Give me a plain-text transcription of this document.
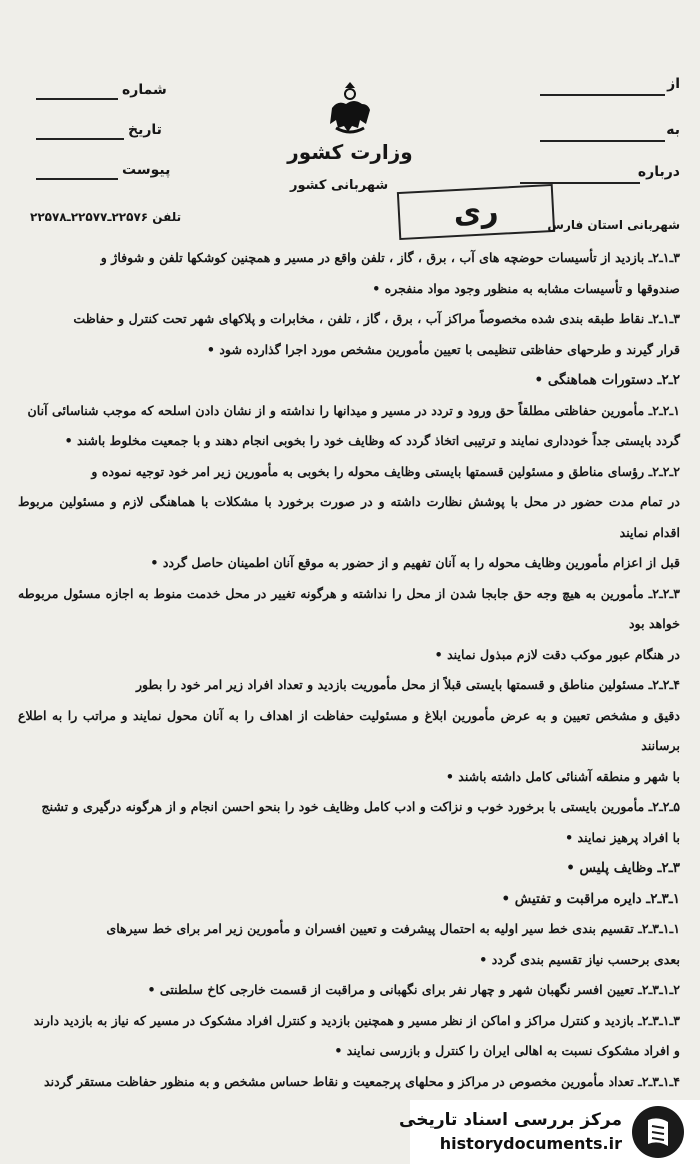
از
به
درباره
شماره
تاریخ
پیوست
وزارت کشور
شهربانی کشور
ری
تلفن ۲۲۵۷۶ـ۲۲۵۷۷ـ۲۲۵۷۸
شهربانی استان فارس

۳ـ۱ـ۲ـ بازدید از تأسیسات حوضچه های آب ، برق ، گاز ، تلفن واقع در مسیر و همچنین کوشکها تلفن و شوفاژ و

صندوقها و تأسیسات مشابه به منظور وجود مواد منفجره •

۳ـ۱ـ۲ـ نقاط طبقه بندی شده مخصوصاً مراکز آب ، برق ، گاز ، تلفن ، مخابرات و پلاکهای شهر تحت کنترل و حفاظت

قرار گیرند و طرحهای حفاظتی تنظیمی با تعیین مأمورین مشخص مورد اجرا گذارده شود •

۲ـ۲ـ دستورات هماهنگی •

۱ـ۲ـ۲ـ مأمورین حفاظتی مطلقاً حق ورود و تردد در مسیر و میدانها را نداشته و از نشان دادن اسلحه که موجب شناسائی آنان

گردد بایستی جداً خودداری نمایند و ترتیبی اتخاذ گردد که وظایف خود را بخوبی انجام دهند و با جمعیت مخلوط باشند •

۲ـ۲ـ۲ـ رؤسای مناطق و مسئولین قسمتها بایستی وظایف محوله را بخوبی به مأمورین زیر امر خود توجیه نموده و

در تمام مدت حضور در محل با پوشش نظارت داشته و در صورت برخورد با مشکلات با هماهنگی لازم و مسئولین مربوط اقدام نمایند

قبل از اعزام مأمورین وظایف محوله را به آنان تفهیم و از حضور به موقع آنان اطمینان حاصل گردد •

۳ـ۲ـ۲ـ مأمورین به هیچ وجه حق جابجا شدن از محل را نداشته و هرگونه تغییر در محل خدمت منوط به اجازه مسئول مربوطه خواهد بود

در هنگام عبور موکب دقت لازم مبذول نمایند •

۴ـ۲ـ۲ـ مسئولین مناطق و قسمتها بایستی قبلاً از محل مأموریت بازدید و تعداد افراد زیر امر خود را بطور

دقیق و مشخص تعیین و به عرض مأمورین ابلاغ و مسئولیت حفاظت از اهداف را به آنان محول نمایند و مراتب را به اطلاع برسانند

با شهر و منطقه آشنائی کامل داشته باشند •

۵ـ۲ـ۲ـ مأمورین بایستی با برخورد خوب و نزاکت و ادب کامل وظایف خود را بنحو احسن انجام و از هرگونه درگیری و تشنج

با افراد پرهیز نمایند •

۳ـ۲ـ وظایف پلیس •

۱ـ۳ـ۲ـ دایره مراقبت و تفتیش •

۱ـ۱ـ۳ـ۲ـ تقسیم بندی خط سیر اولیه به احتمال پیشرفت و تعیین افسران و مأمورین زیر امر برای خط سیرهای

بعدی برحسب نیاز تقسیم بندی گردد •

۲ـ۱ـ۳ـ۲ـ تعیین افسر نگهبان شهر و چهار نفر برای نگهبانی و مراقبت از قسمت خارجی کاخ سلطنتی •

۳ـ۱ـ۳ـ۲ـ بازدید و کنترل مراکز و اماکن از نظر مسیر و همچنین بازدید و کنترل افراد مشکوک در مسیر که نیاز به بازدید دارند

و افراد مشکوک نسبت به اهالی ایران را کنترل و بازرسی نمایند •

۴ـ۱ـ۳ـ۲ـ تعداد مأمورین مخصوص در مراکز و محلهای پرجمعیت و نقاط حساس مشخص و به منظور حفاظت مستقر گردند

مرکز بررسی اسناد تاریخی
historydocuments.ir
